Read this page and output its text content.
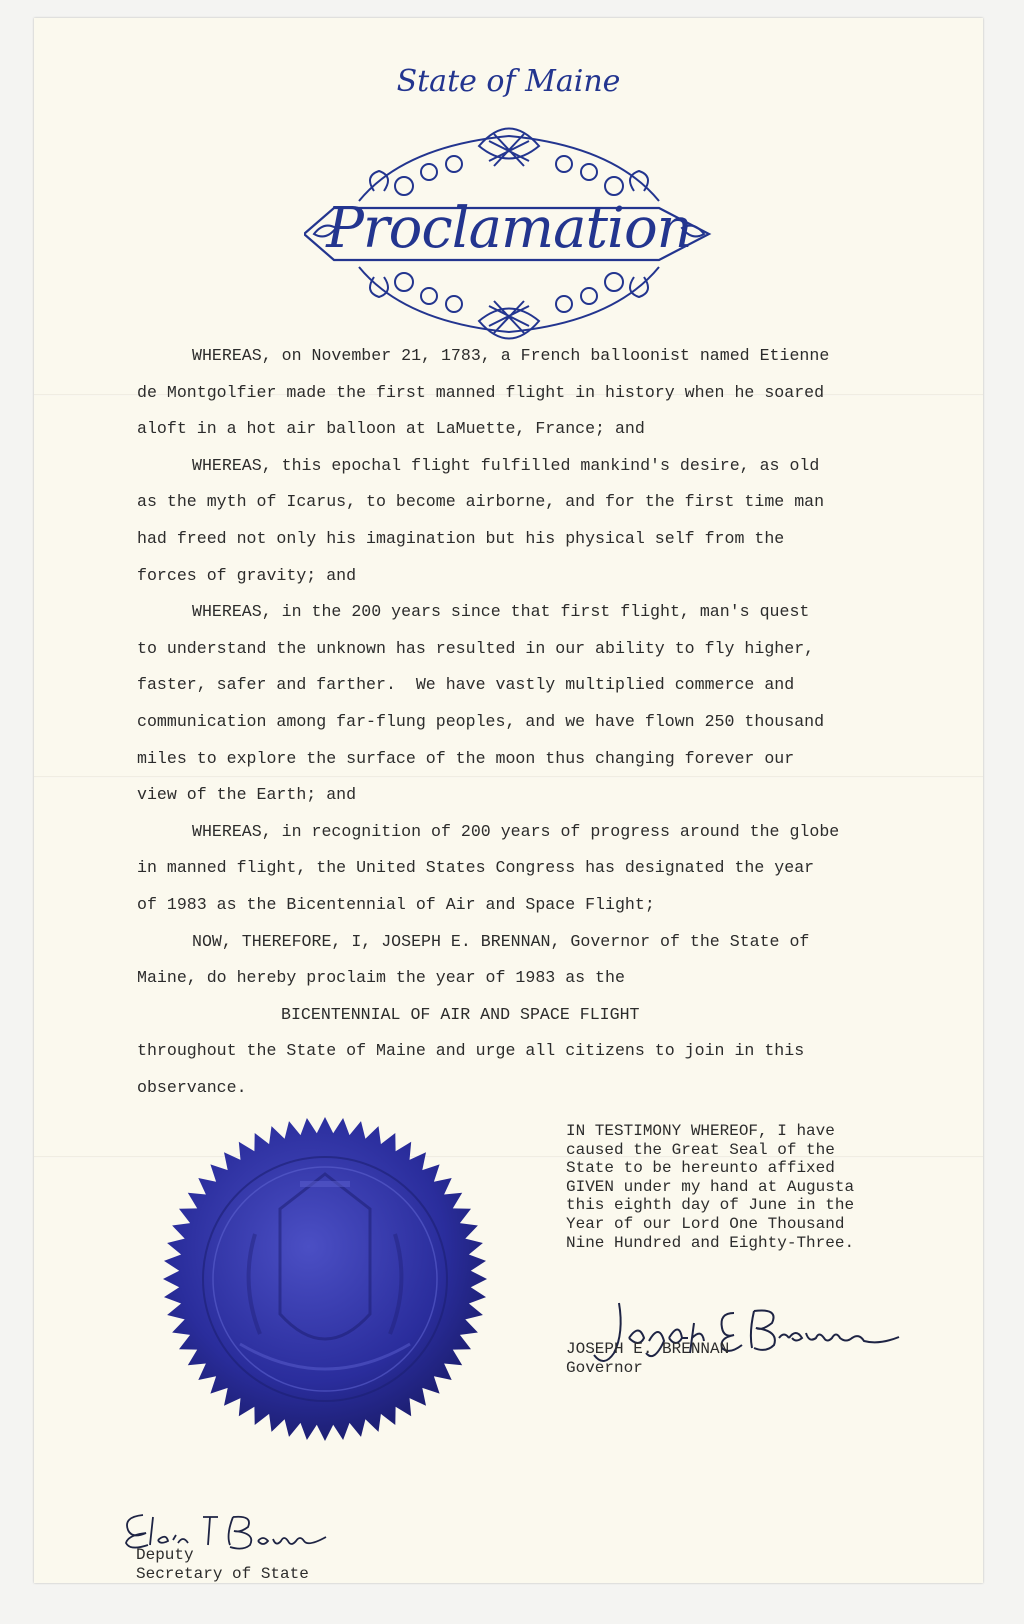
State of Maine
Proclamation

WHEREAS, on November 21, 1783, a French balloonist named Etienne

de Montgolfier made the first manned flight in history when he soared

aloft in a hot air balloon at LaMuette, France; and

WHEREAS, this epochal flight fulfilled mankind's desire, as old

as the myth of Icarus, to become airborne, and for the first time man

had freed not only his imagination but his physical self from the

forces of gravity; and

WHEREAS, in the 200 years since that first flight, man's quest

to understand the unknown has resulted in our ability to fly higher,

faster, safer and farther.  We have vastly multiplied commerce and

communication among far-flung peoples, and we have flown 250 thousand

miles to explore the surface of the moon thus changing forever our

view of the Earth; and

WHEREAS, in recognition of 200 years of progress around the globe

in manned flight, the United States Congress has designated the year

of 1983 as the Bicentennial of Air and Space Flight;

NOW, THEREFORE, I, JOSEPH E. BRENNAN, Governor of the State of

Maine, do hereby proclaim the year of 1983 as the

BICENTENNIAL OF AIR AND SPACE FLIGHT

throughout the State of Maine and urge all citizens to join in this

observance.

IN TESTIMONY WHEREOF, I have

caused the Great Seal of the

State to be hereunto affixed

GIVEN under my hand at Augusta

this eighth day of June in the

Year of our Lord One Thousand

Nine Hundred and Eighty-Three.

JOSEPH E. BRENNAN
Governor
Deputy
Secretary of State
